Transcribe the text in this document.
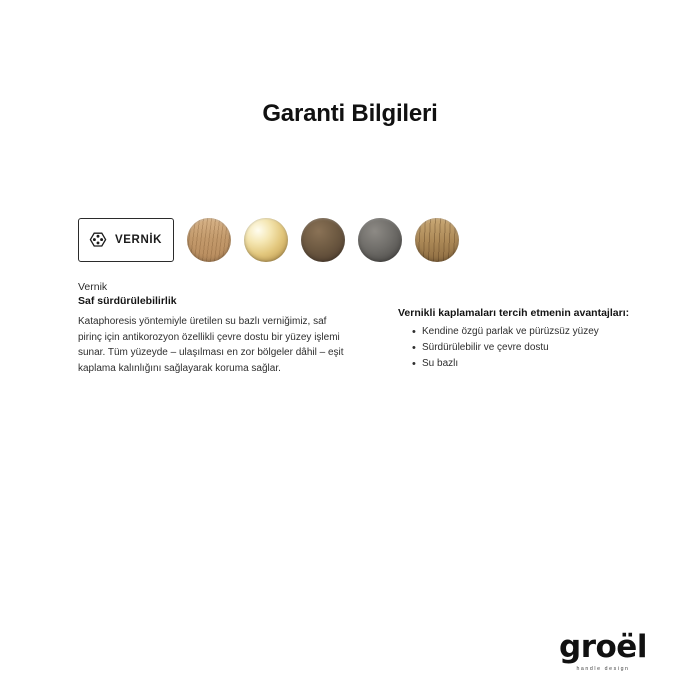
Garanti Bilgileri
VERNİK

Vernik

Saf sürdürülebilirlik

Kataphoresis yöntemiyle üretilen su bazlı verniğimiz, saf pirinç için antikorozyon özellikli çevre dostu bir yüzey işlemi sunar. Tüm yüzeyde – ulaşılması en zor bölgeler dâhil – eşit kaplama kalınlığını sağlayarak koruma sağlar.

Vernikli kaplamaları tercih etmenin avantajları:

• Kendine özgü parlak ve pürüzsüz yüzey
• Sürdürülebilir ve çevre dostu
• Su bazlı
groël
handle design
